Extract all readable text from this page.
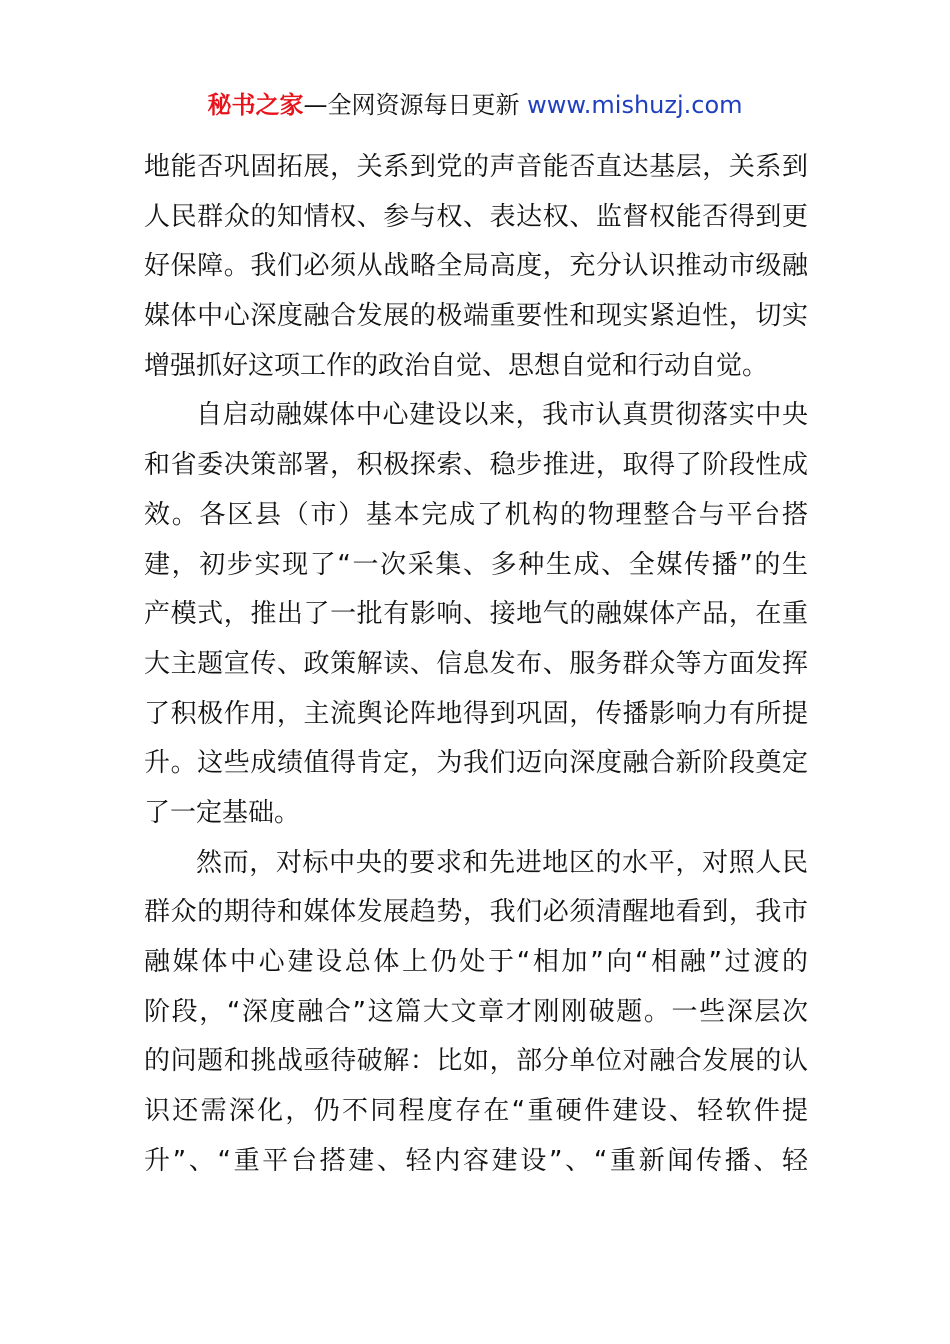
秘书之家—全网资源每日更新 www.mishuzj.com
地能否巩固拓展，关系到党的声音能否直达基层，关系到
人民群众的知情权、参与权、表达权、监督权能否得到更
好保障。我们必须从战略全局高度，充分认识推动市级融
媒体中心深度融合发展的极端重要性和现实紧迫性，切实
增强抓好这项工作的政治自觉、思想自觉和行动自觉。
自启动融媒体中心建设以来，我市认真贯彻落实中央
和省委决策部署，积极探索、稳步推进，取得了阶段性成
效。各区县（市）基本完成了机构的物理整合与平台搭
建，初步实现了“一次采集、多种生成、全媒传播”的生
产模式，推出了一批有影响、接地气的融媒体产品，在重
大主题宣传、政策解读、信息发布、服务群众等方面发挥
了积极作用，主流舆论阵地得到巩固，传播影响力有所提
升。这些成绩值得肯定，为我们迈向深度融合新阶段奠定
了一定基础。
然而，对标中央的要求和先进地区的水平，对照人民
群众的期待和媒体发展趋势，我们必须清醒地看到，我市
融媒体中心建设总体上仍处于“相加”向“相融”过渡的
阶段，“深度融合”这篇大文章才刚刚破题。一些深层次
的问题和挑战亟待破解：比如，部分单位对融合发展的认
识还需深化，仍不同程度存在“重硬件建设、轻软件提
升”、“重平台搭建、轻内容建设”、“重新闻传播、轻
